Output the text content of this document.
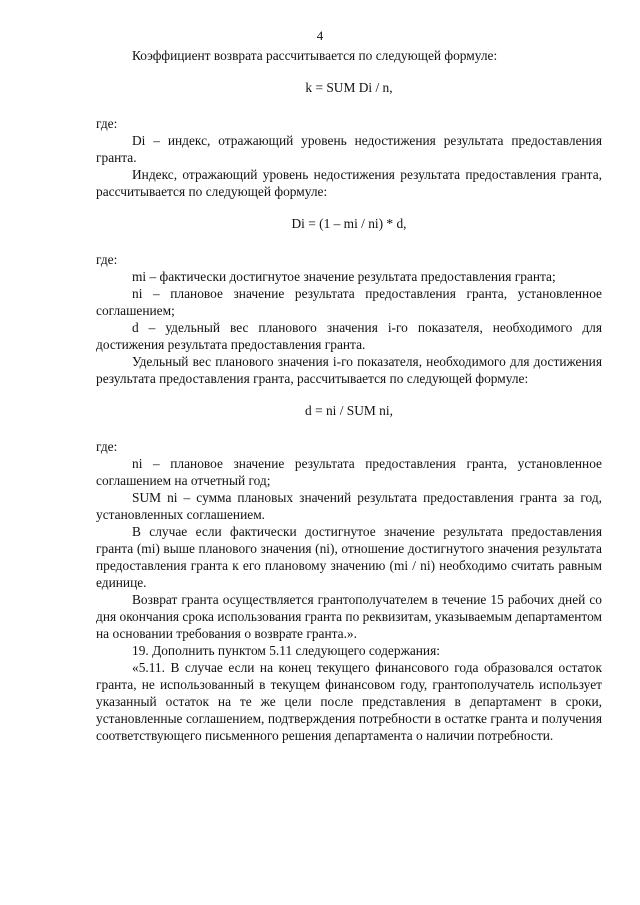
4

Коэффициент возврата рассчитывается по следующей формуле:

k = SUM Di / n,

где:

Di – индекс, отражающий уровень недостижения результата предоставления гранта.

Индекс, отражающий уровень недостижения результата предоставления гранта, рассчитывается по следующей формуле:

Di = (1 – mi / ni) * d,

где:

mi – фактически достигнутое значение результата предоставления гранта;

ni – плановое значение результата предоставления гранта, установленное соглашением;

d – удельный вес планового значения i-го показателя, необходимого для достижения результата предоставления гранта.

Удельный вес планового значения i-го показателя, необходимого для достижения результата предоставления гранта, рассчитывается по следующей формуле:

d = ni / SUM ni,

где:

ni – плановое значение результата предоставления гранта, установленное соглашением на отчетный год;

SUM ni – сумма плановых значений результата предоставления гранта за год, установленных соглашением.

В случае если фактически достигнутое значение результата предоставления гранта (mi) выше планового значения (ni), отношение достигнутого значения результата предоставления гранта к его плановому значению (mi / ni) необходимо считать равным единице.

Возврат гранта осуществляется грантополучателем в течение 15 рабочих дней со дня окончания срока использования гранта по реквизитам, указываемым департаментом на основании требования о возврате гранта.».

19. Дополнить пунктом 5.11 следующего содержания:

«5.11. В случае если на конец текущего финансового года образовался остаток гранта, не использованный в текущем финансовом году, грантополучатель использует указанный остаток на те же цели после представления в департамент в сроки, установленные соглашением, подтверждения потребности в остатке гранта и получения соответствующего письменного решения департамента о наличии потребности.
